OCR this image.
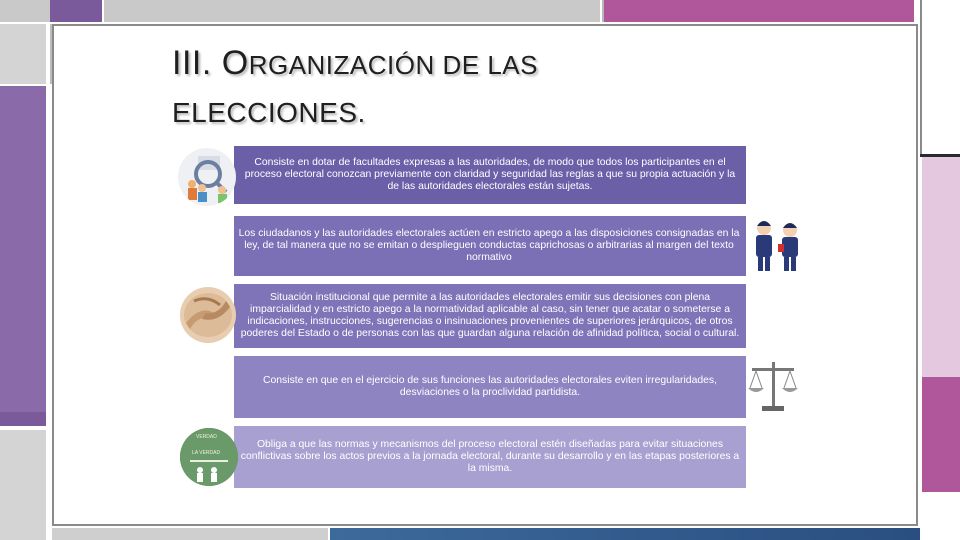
III. ORGANIZACIÓN DE LAS
ELECCIONES.
Consiste en dotar de facultades expresas a las autoridades, de modo que todos los participantes en el proceso electoral conozcan previamente con claridad y seguridad las reglas a que su propia actuación y la de las autoridades electorales están sujetas.
Los ciudadanos y las autoridades electorales actúen en estricto apego a las disposiciones consignadas en la ley, de tal manera que no se emitan o desplieguen conductas caprichosas o arbitrarias al margen del texto normativo
Situación institucional que permite a las autoridades electorales emitir sus decisiones con plena imparcialidad y en estricto apego a la normatividad aplicable al caso, sin tener que acatar o someterse a indicaciones, instrucciones, sugerencias o insinuaciones provenientes de superiores jerárquicos, de otros poderes del Estado o de personas con las que guardan alguna relación de afinidad política, social o cultural.
Consiste en que en el ejercicio de sus funciones las autoridades electorales eviten irregularidades, desviaciones o la proclividad partidista.
Obliga a que las normas y mecanismos del proceso electoral estén diseñadas para evitar situaciones conflictivas sobre los actos previos a la jornada electoral, durante su desarrollo y en las etapas posteriores a la misma.
VERDAD
LA VERDAD
